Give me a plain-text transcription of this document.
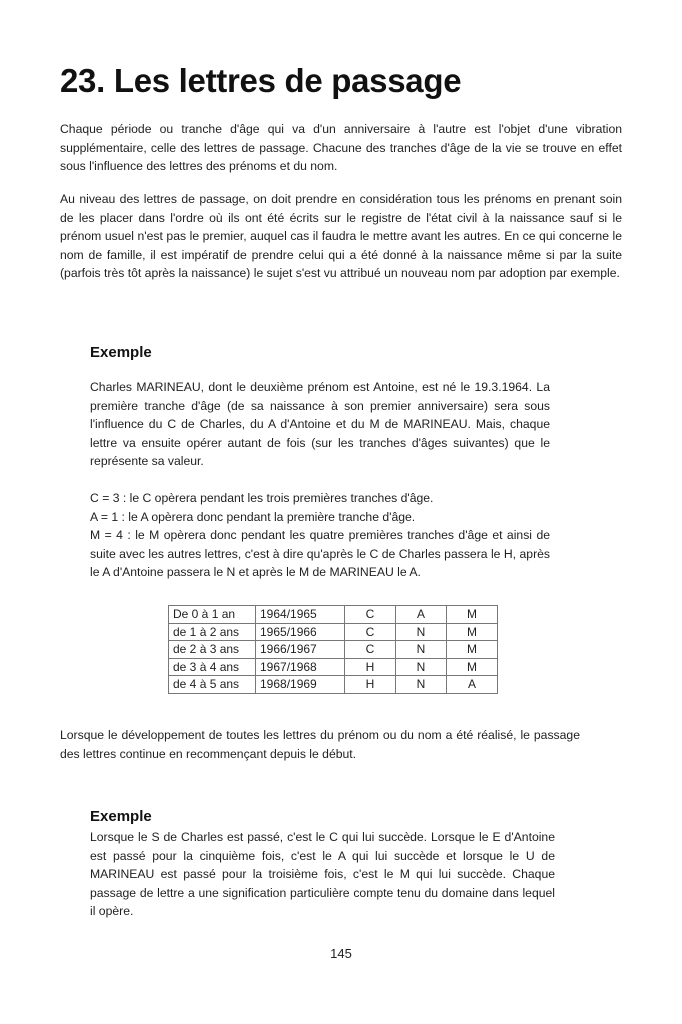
23. Les lettres de passage

Chaque période ou tranche d'âge qui va d'un anniversaire à l'autre est l'objet d'une vibration supplémentaire, celle des lettres de passage. Chacune des tranches d'âge de la vie se trouve en effet sous l'influence des lettres des prénoms et du nom.

Au niveau des lettres de passage, on doit prendre en considération tous les prénoms en prenant soin de les placer dans l'ordre où ils ont été écrits sur le registre de l'état civil à la naissance sauf si le prénom usuel n'est pas le premier, auquel cas il faudra le mettre avant les autres. En ce qui concerne le nom de famille, il est impératif de prendre celui qui a été donné à la naissance même si par la suite (parfois très tôt après la naissance) le sujet s'est vu attribué un nouveau nom par adoption par exemple.

Exemple

Charles MARINEAU, dont le deuxième prénom est Antoine, est né le 19.3.1964. La première tranche d'âge (de sa naissance à son premier anniversaire) sera sous l'influence du C de Charles, du A d'Antoine et du M de MARINEAU. Mais, chaque lettre va ensuite opérer autant de fois (sur les tranches d'âges suivantes) que le représente sa valeur.

C = 3 : le C opèrera pendant les trois premières tranches d'âge.
A = 1 : le A opèrera donc pendant la première tranche d'âge.
M = 4 : le M opèrera donc pendant les quatre premières tranches d'âge et ainsi de suite avec les autres lettres, c'est à dire qu'après le C de Charles passera le H, après le A d'Antoine passera le N et après le M de MARINEAU le A.

De 0 à 1 an	1964/1965	C	A	M
de 1 à 2 ans	1965/1966	C	N	M
de 2 à 3 ans	1966/1967	C	N	M
de 3 à 4 ans	1967/1968	H	N	M
de 4 à 5 ans	1968/1969	H	N	A

Lorsque le développement de toutes les lettres du prénom ou du nom a été réalisé, le passage des lettres continue en recommençant depuis le début.

Exemple

Lorsque le S de Charles est passé, c'est le C qui lui succède. Lorsque le E d'Antoine est passé pour la cinquième fois, c'est le A qui lui succède et lorsque le U de MARINEAU est passé pour la troisième fois, c'est le M qui lui succède. Chaque passage de lettre a une signification particulière compte tenu du domaine dans lequel il opère.

145
